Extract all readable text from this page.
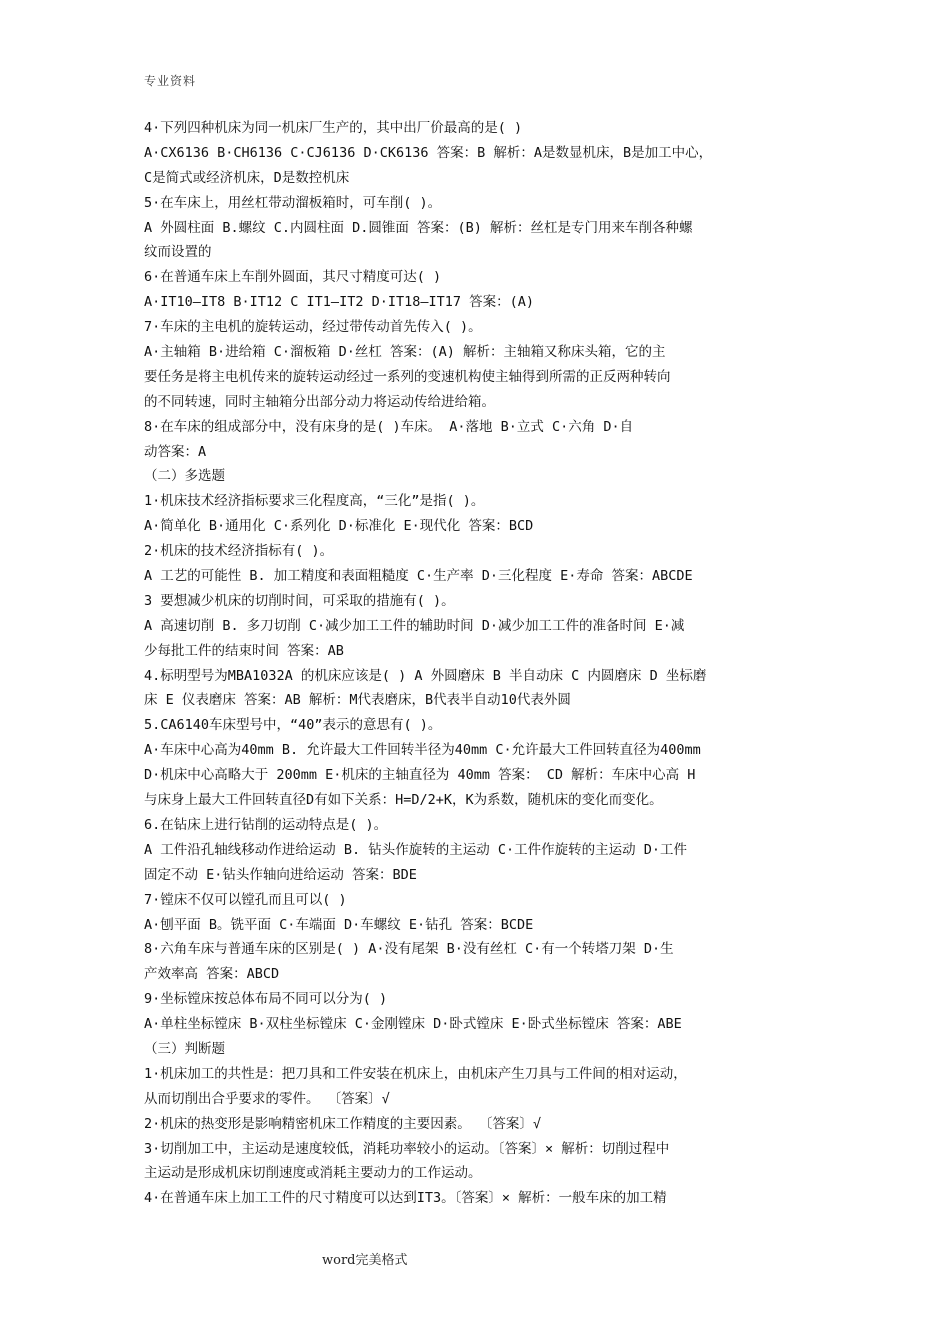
专业资料
4·下列四种机床为同一机床厂生产的，其中出厂价最高的是( )
A·CX6136 B·CH6136 C·CJ6136 D·CK6136 答案：B 解析：A是数显机床，B是加工中心，
C是简式或经济机床，D是数控机床
5·在车床上，用丝杠带动溜板箱时，可车削( )。
A 外圆柱面 B.螺纹 C.内圆柱面 D.圆锥面 答案：(B) 解析：丝杠是专门用来车削各种螺
纹而设置的
6·在普通车床上车削外圆面，其尺寸精度可达( )
A·IT10—IT8 B·IT12 C IT1—IT2 D·IT18—IT17 答案：(A)
7·车床的主电机的旋转运动，经过带传动首先传入( )。
A·主轴箱 B·进给箱 C·溜板箱 D·丝杠 答案：(A) 解析：主轴箱又称床头箱，它的主
要任务是将主电机传来的旋转运动经过一系列的变速机构使主轴得到所需的正反两种转向
的不同转速，同时主轴箱分出部分动力将运动传给进给箱。
8·在车床的组成部分中，没有床身的是( )车床。 A·落地 B·立式 C·六角 D·自
动答案：A
（二）多选题
1·机床技术经济指标要求三化程度高，“三化”是指( )。
A·简单化 B·通用化 C·系列化 D·标准化 E·现代化 答案：BCD
2·机床的技术经济指标有( )。
A 工艺的可能性 B. 加工精度和表面粗糙度 C·生产率 D·三化程度 E·寿命 答案：ABCDE
3 要想减少机床的切削时间，可采取的措施有( )。
A 高速切削 B. 多刀切削 C·减少加工工件的辅助时间 D·减少加工工件的准备时间 E·减
少每批工件的结束时间 答案：AB
4.标明型号为MBA1032A 的机床应该是( ) A 外圆磨床 B 半自动床 C 内圆磨床 D 坐标磨
床 E 仪表磨床 答案：AB 解析：M代表磨床，B代表半自动10代表外圆
5.CA6140车床型号中，“40”表示的意思有( )。
A·车床中心高为40mm B. 允许最大工件回转半径为40mm C·允许最大工件回转直径为400mm
D·机床中心高略大于 200mm E·机床的主轴直径为 40mm 答案： CD 解析：车床中心高 H
与床身上最大工件回转直径D有如下关系：H=D/2+K，K为系数，随机床的变化而变化。
6.在钻床上进行钻削的运动特点是( )。
A 工件沿孔轴线移动作进给运动 B. 钻头作旋转的主运动 C·工件作旋转的主运动 D·工件
固定不动 E·钻头作轴向进给运动 答案：BDE
7·镗床不仅可以镗孔而且可以( )
A·刨平面 B。铣平面 C·车端面 D·车螺纹 E·钻孔 答案：BCDE
8·六角车床与普通车床的区别是( ) A·没有尾架 B·没有丝杠 C·有一个转塔刀架 D·生
产效率高 答案：ABCD
9·坐标镗床按总体布局不同可以分为( )
A·单柱坐标镗床 B·双柱坐标镗床 C·金刚镗床 D·卧式镗床 E·卧式坐标镗床 答案：ABE
（三）判断题
1·机床加工的共性是：把刀具和工件安装在机床上，由机床产生刀具与工件间的相对运动，
从而切削出合乎要求的零件。 〔答案〕√
2·机床的热变形是影响精密机床工作精度的主要因素。 〔答案〕√
3·切削加工中，主运动是速度较低，消耗功率较小的运动。〔答案〕× 解析：切削过程中
主运动是形成机床切削速度或消耗主要动力的工作运动。
4·在普通车床上加工工件的尺寸精度可以达到IT3。〔答案〕× 解析：一般车床的加工精
word完美格式
